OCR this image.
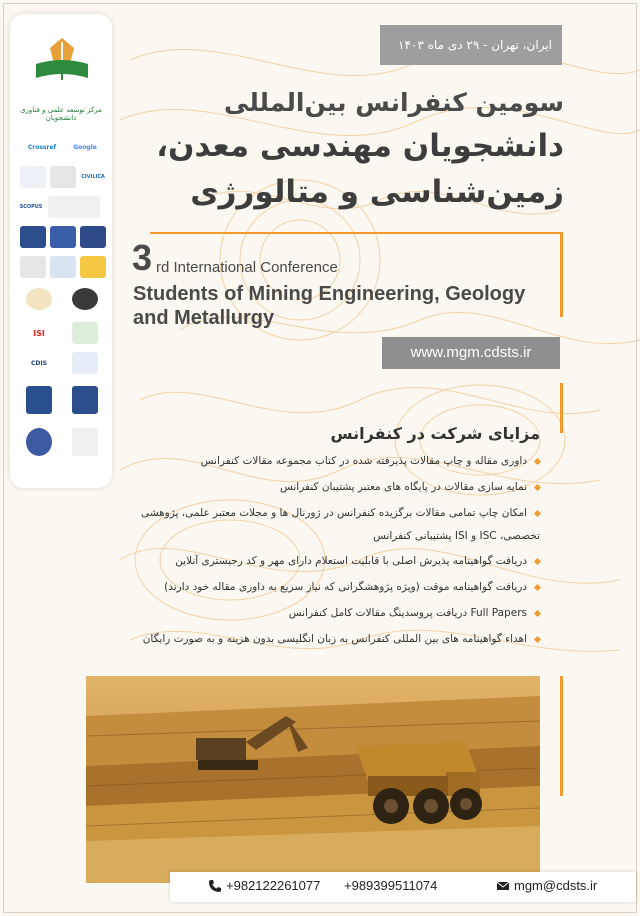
مرکز توسعه علمی و فناوری دانشجویان
Crossref	Google
CIVILICA
SCOPUS
ISI
CDIS
ایران، تهران - ۲۹ دی ماه ۱۴۰۳
سومین کنفرانس بین‌المللی
دانشجویان مهندسی معدن،
زمین‌شناسی و متالورژی
3 rd International Conference
Students of Mining Engineering, Geology and Metallurgy
www.mgm.cdsts.ir
مزایای شرکت در کنفرانس
داوری مقاله و چاپ مقالات پذیرفته شده در کتاب مجموعه مقالات کنفرانس
نمایه سازی مقالات در پایگاه های معتبر پشتیبان کنفرانس
امکان چاپ تمامی مقالات برگزیده کنفرانس در ژورنال ها و مجلات معتبر علمی، پژوهشی
تخصصی، ISC و ISI پشتیبانی کنفرانس
دریافت گواهینامه پذیرش اصلی با قابلیت استعلام دارای مهر و کد رجیستری آنلاین
دریافت گواهینامه موقت (ویژه پژوهشگرانی که نیاز سریع به داوری مقاله خود دارند)
Full Papers دریافت پروسدینگ مقالات کامل کنفرانس
اهداء گواهینامه های بین المللی کنفرانس به زبان انگلیسی بدون هزینه و به صورت رایگان
+982122261077 +989399511074	mgm@cdsts.ir
